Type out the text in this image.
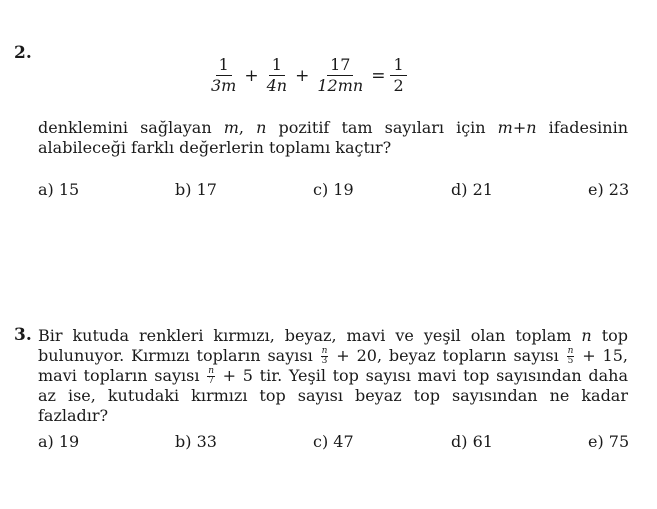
2.
$\frac{1}{3m} + \frac{1}{4n} + \frac{17}{12mn} = \frac{1}{2}$
denklemini sağlayan m, n pozitif tam sayıları için m+n ifadesinin alabileceği farklı değerlerin toplamı kaçtır?
a) 15	b) 17	c) 19	d) 21	e) 23
3. Bir kutuda renkleri kırmızı, beyaz, mavi ve yeşil olan toplam n top bulunuyor. Kırmızı topların sayısı $\frac{n}{3} + 20$, beyaz topların sayısı $\frac{n}{5} + 15$, mavi topların sayısı $\frac{n}{7} + 5$ tir. Yeşil top sayısı mavi top sayısından daha az ise, kutudaki kırmızı top sayısı beyaz top sayısından ne kadar fazladır?
a) 19	b) 33	c) 47	d) 61	e) 75
